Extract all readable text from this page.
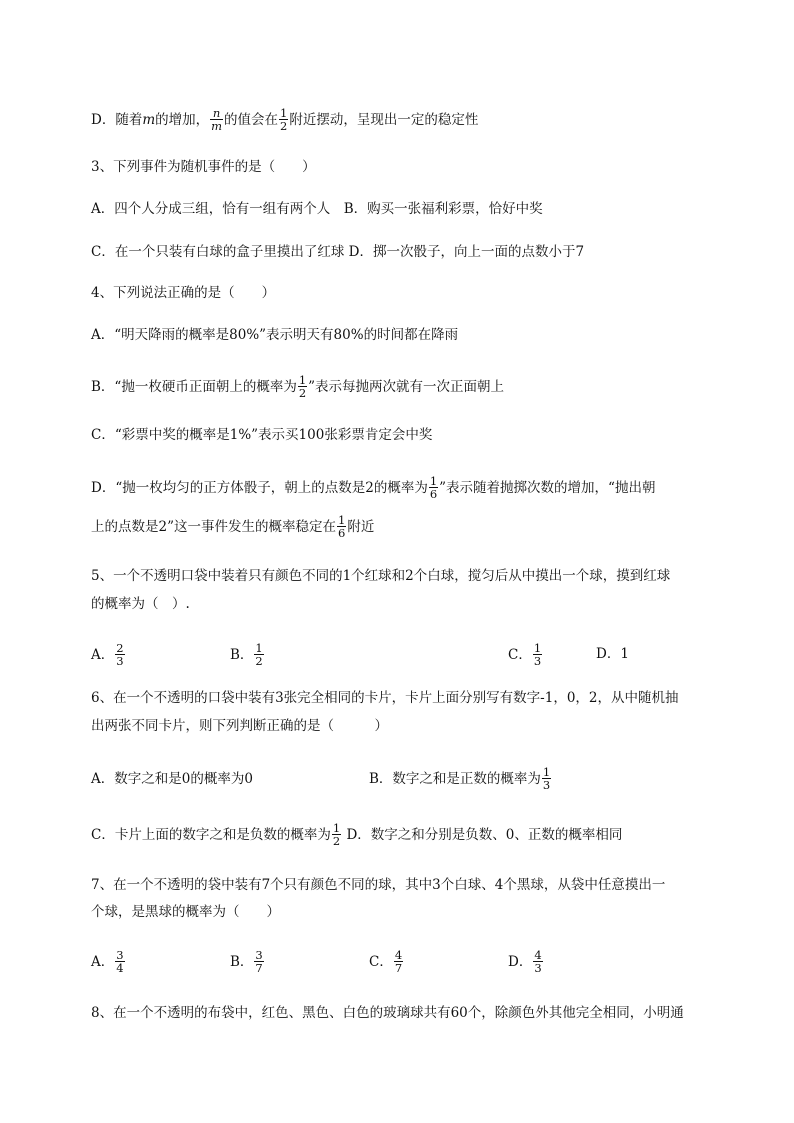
D．随着m的增加， $\frac{n}{m}$ 的值会在 $\frac{1}{2}$ 附近摆动，呈现出一定的稳定性
3、下列事件为随机事件的是（　　）
A．四个人分成三组，恰有一组有两个人　B．购买一张福利彩票，恰好中奖
C．在一个只装有白球的盒子里摸出了红球 D．掷一次骰子，向上一面的点数小于7
4、下列说法正确的是（　　）
A．“明天降雨的概率是80%”表示明天有80%的时间都在降雨
B．“抛一枚硬币正面朝上的概率为 $\frac{1}{2}$ ”表示每抛两次就有一次正面朝上
C．“彩票中奖的概率是1%”表示买100张彩票肯定会中奖
D．“抛一枚均匀的正方体骰子，朝上的点数是2的概率为 $\frac{1}{6}$ ”表示随着抛掷次数的增加，“抛出朝
上的点数是2”这一事件发生的概率稳定在 $\frac{1}{6}$ 附近
5、一个不透明口袋中装着只有颜色不同的1个红球和2个白球，搅匀后从中摸出一个球，摸到红球
的概率为（　）.
A． $\frac{2}{3}$	B． $\frac{1}{2}$	C． $\frac{1}{3}$	D．1
6、在一个不透明的口袋中装有3张完全相同的卡片，卡片上面分别写有数字-1，0，2，从中随机抽
出两张不同卡片，则下列判断正确的是（　　　）
A．数字之和是0的概率为0	B．数字之和是正数的概率为 $\frac{1}{3}$
C．卡片上面的数字之和是负数的概率为 $\frac{1}{2}$ D．数字之和分别是负数、0、正数的概率相同
7、在一个不透明的袋中装有7个只有颜色不同的球，其中3个白球、4个黑球，从袋中任意摸出一
个球，是黑球的概率为（　　）
A． $\frac{3}{4}$	B． $\frac{3}{7}$	C． $\frac{4}{7}$	D． $\frac{4}{3}$
8、在一个不透明的布袋中，红色、黑色、白色的玻璃球共有60个，除颜色外其他完全相同，小明通
